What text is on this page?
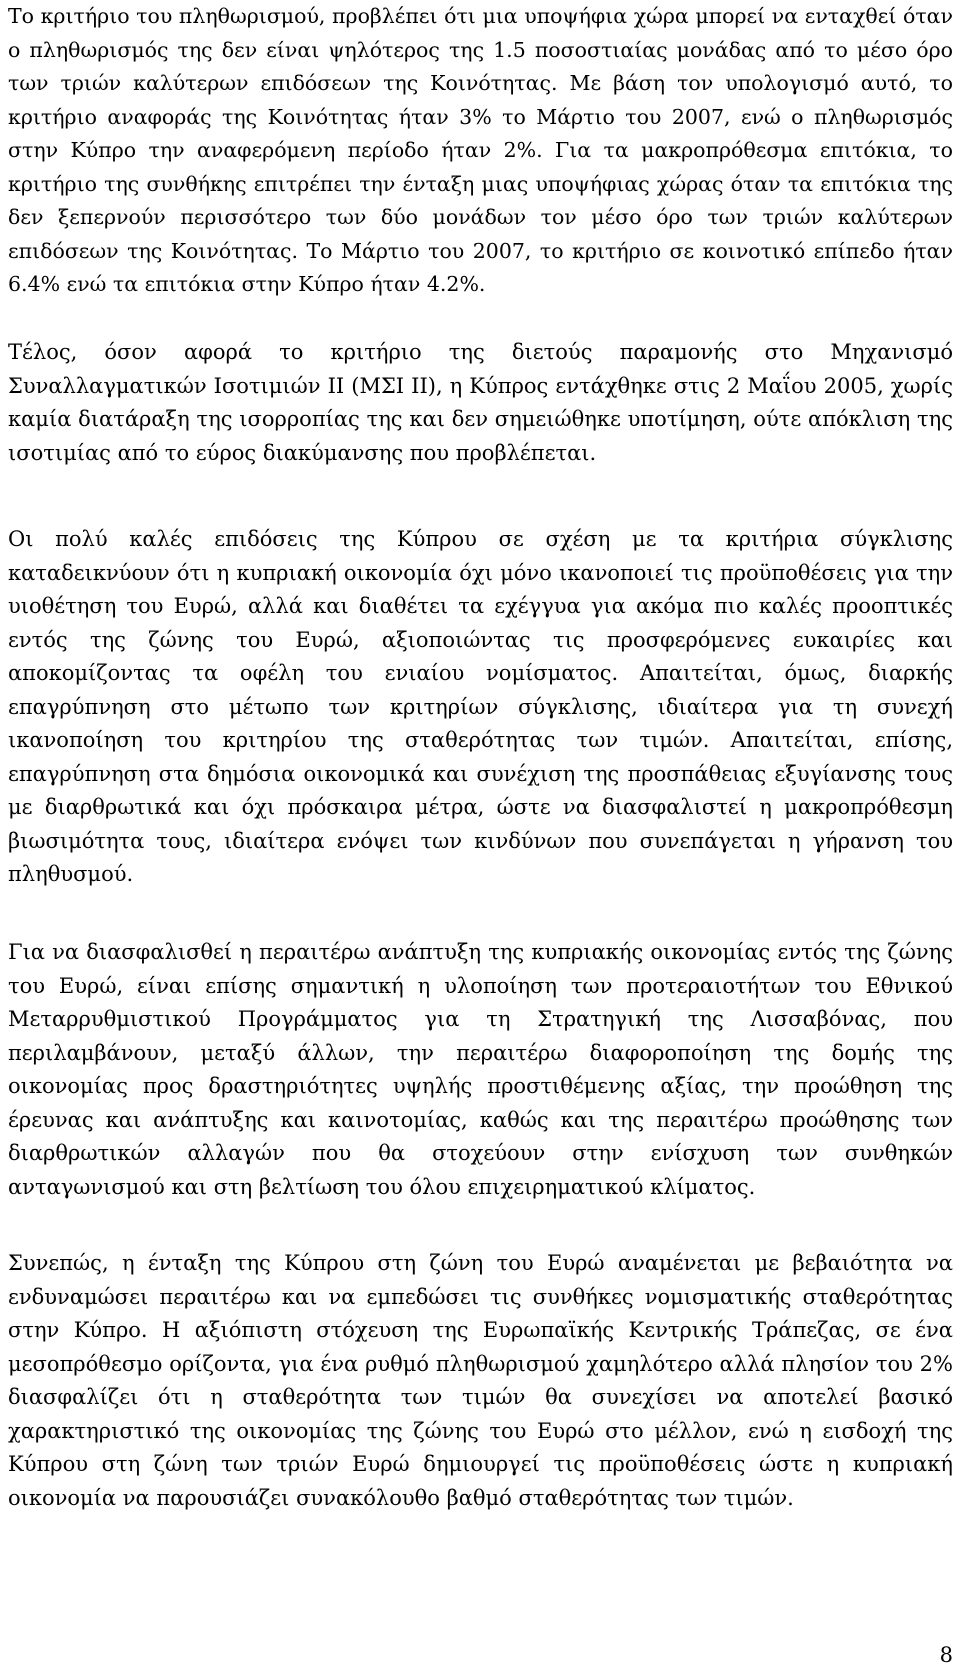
Το κριτήριο του πληθωρισμού, προβλέπει ότι μια υποψήφια χώρα μπορεί να ενταχθεί όταν ο πληθωρισμός της δεν είναι ψηλότερος της 1.5 ποσοστιαίας μονάδας από το μέσο όρο των τριών καλύτερων επιδόσεων της Κοινότητας. Με βάση τον υπολογισμό αυτό, το κριτήριο αναφοράς της Κοινότητας ήταν 3% το Μάρτιο του 2007, ενώ ο πληθωρισμός στην Κύπρο την αναφερόμενη περίοδο ήταν 2%. Για τα μακροπρόθεσμα επιτόκια, το κριτήριο της συνθήκης επιτρέπει την ένταξη μιας υποψήφιας χώρας όταν τα επιτόκια της δεν ξεπερνούν περισσότερο των δύο μονάδων τον μέσο όρο των τριών καλύτερων επιδόσεων της Κοινότητας. Το Μάρτιο του 2007, το κριτήριο σε κοινοτικό επίπεδο ήταν 6.4% ενώ τα επιτόκια στην Κύπρο ήταν 4.2%.

Τέλος, όσον αφορά το κριτήριο της διετούς παραμονής στο Μηχανισμό Συναλλαγματικών Ισοτιμιών ΙΙ (ΜΣΙ ΙΙ), η Κύπρος εντάχθηκε στις 2 Μαΐου 2005, χωρίς καμία διατάραξη της ισορροπίας της και δεν σημειώθηκε υποτίμηση, ούτε απόκλιση της ισοτιμίας από το εύρος διακύμανσης που προβλέπεται.

Οι πολύ καλές επιδόσεις της Κύπρου σε σχέση με τα κριτήρια σύγκλισης καταδεικνύουν ότι η κυπριακή οικονομία όχι μόνο ικανοποιεί τις προϋποθέσεις για την υιοθέτηση του Ευρώ, αλλά και διαθέτει τα εχέγγυα για ακόμα πιο καλές προοπτικές εντός της ζώνης του Ευρώ, αξιοποιώντας τις προσφερόμενες ευκαιρίες και αποκομίζοντας τα οφέλη του ενιαίου νομίσματος. Απαιτείται, όμως, διαρκής επαγρύπνηση στο μέτωπο των κριτηρίων σύγκλισης, ιδιαίτερα για τη συνεχή ικανοποίηση του κριτηρίου της σταθερότητας των τιμών. Απαιτείται, επίσης, επαγρύπνηση στα δημόσια οικονομικά και συνέχιση της προσπάθειας εξυγίανσης τους με διαρθρωτικά και όχι πρόσκαιρα μέτρα, ώστε να διασφαλιστεί η μακροπρόθεσμη βιωσιμότητα τους, ιδιαίτερα ενόψει των κινδύνων που συνεπάγεται η γήρανση του πληθυσμού.

Για να διασφαλισθεί η περαιτέρω ανάπτυξη της κυπριακής οικονομίας εντός της ζώνης του Ευρώ, είναι επίσης σημαντική η υλοποίηση των προτεραιοτήτων του Εθνικού Μεταρρυθμιστικού Προγράμματος για τη Στρατηγική της Λισσαβόνας, που περιλαμβάνουν, μεταξύ άλλων, την περαιτέρω διαφοροποίηση της δομής της οικονομίας προς δραστηριότητες υψηλής προστιθέμενης αξίας, την προώθηση της έρευνας και ανάπτυξης και καινοτομίας, καθώς και της περαιτέρω προώθησης των διαρθρωτικών αλλαγών που θα στοχεύουν στην ενίσχυση των συνθηκών ανταγωνισμού και στη βελτίωση του όλου επιχειρηματικού κλίματος.

Συνεπώς, η ένταξη της Κύπρου στη ζώνη του Ευρώ αναμένεται με βεβαιότητα να ενδυναμώσει περαιτέρω και να εμπεδώσει τις συνθήκες νομισματικής σταθερότητας στην Κύπρο. Η αξιόπιστη στόχευση της Ευρωπαϊκής Κεντρικής Τράπεζας, σε ένα μεσοπρόθεσμο ορίζοντα, για ένα ρυθμό πληθωρισμού χαμηλότερο αλλά πλησίον του 2% διασφαλίζει ότι η σταθερότητα των τιμών θα συνεχίσει να αποτελεί βασικό χαρακτηριστικό της οικονομίας της ζώνης του Ευρώ στο μέλλον, ενώ η εισδοχή της Κύπρου στη ζώνη των τριών Ευρώ δημιουργεί τις προϋποθέσεις ώστε η κυπριακή οικονομία να παρουσιάζει συνακόλουθο βαθμό σταθερότητας των τιμών.

8
